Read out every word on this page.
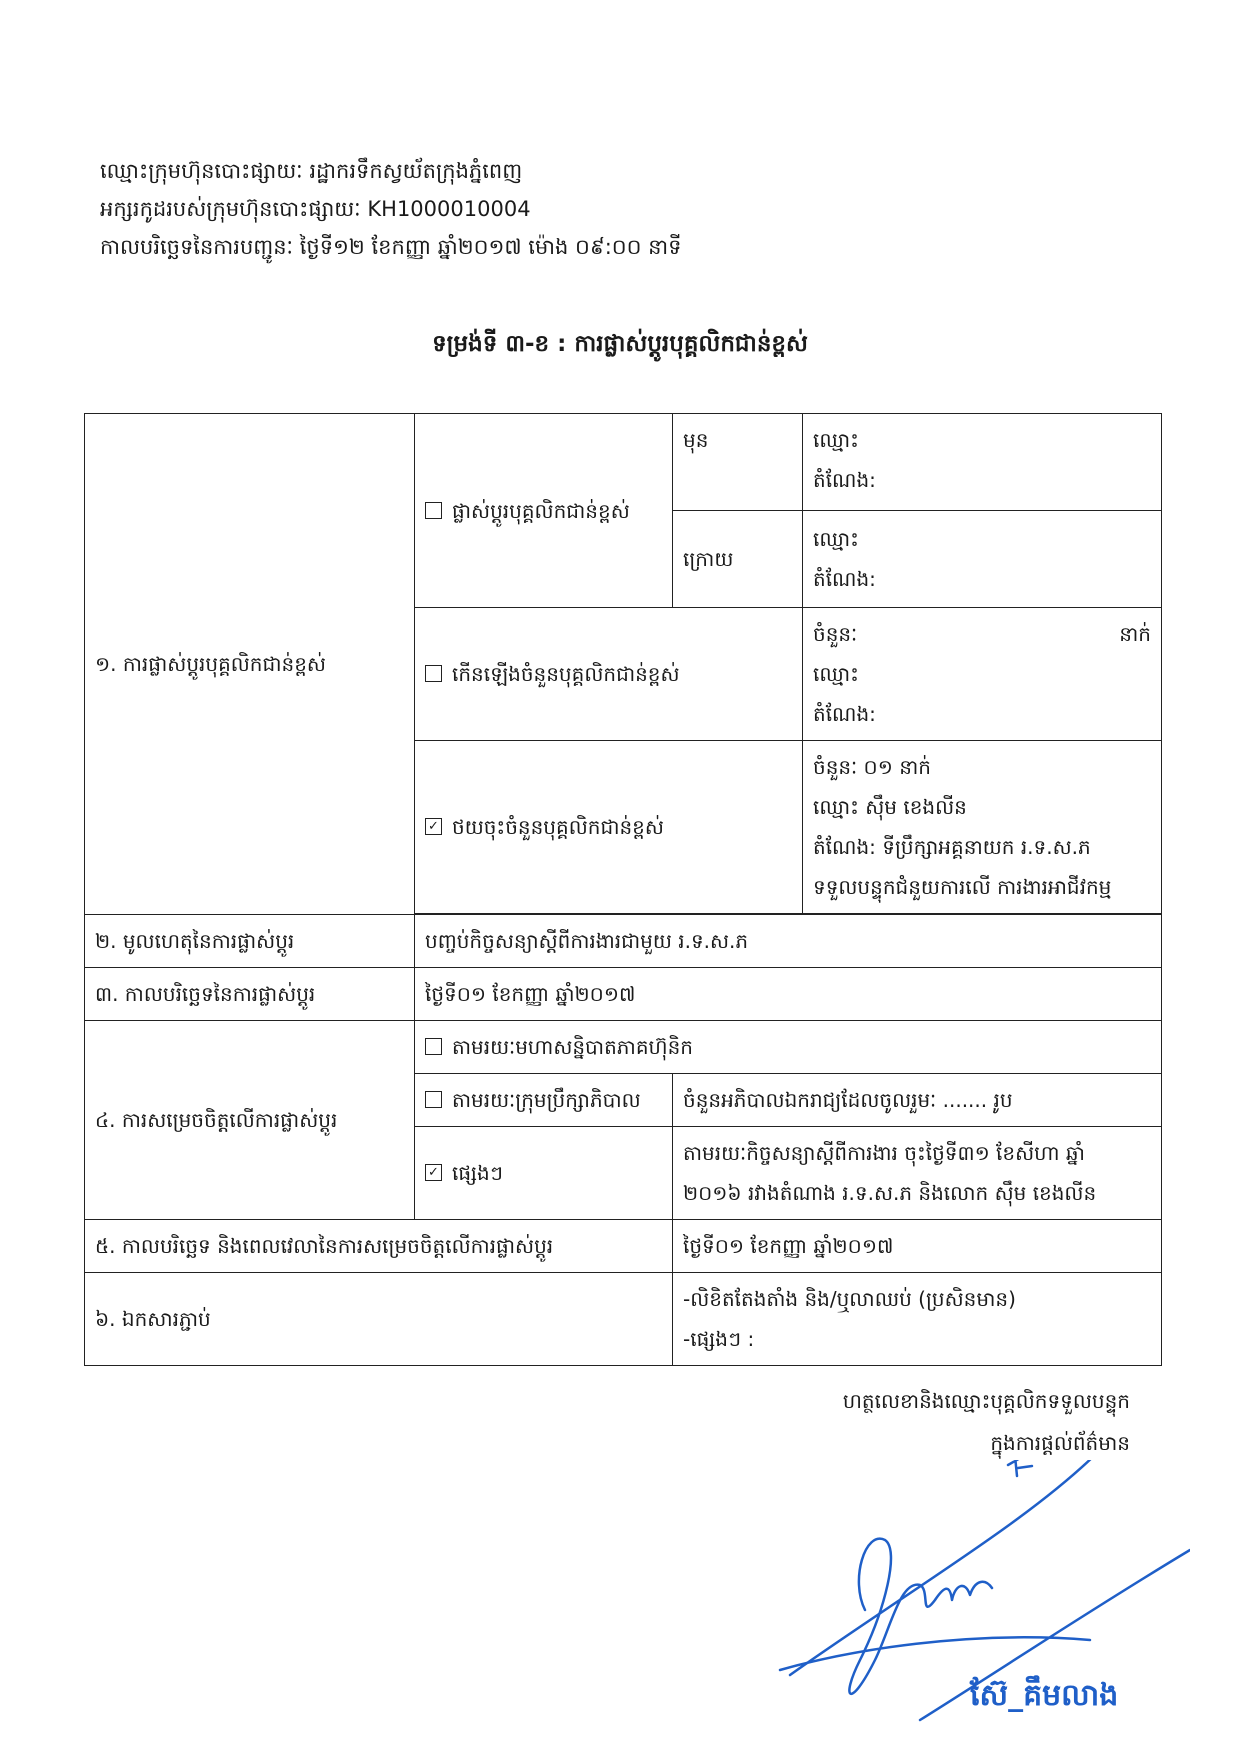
ឈ្មោះក្រុមហ៊ុនបោះផ្សាយៈ រដ្ឋាករទឹកស្វយ័តក្រុងភ្នំពេញ
អក្សរកូដរបស់ក្រុមហ៊ុនបោះផ្សាយៈ KH1000010004
កាលបរិច្ឆេទនៃការបញ្ជូនៈ ថ្ងៃទី១២ ខែកញ្ញា ឆ្នាំ២០១៧ ម៉ោង ០៩:០០ នាទី
ទម្រង់ទី ៣-ខ : ការផ្លាស់ប្តូរបុគ្គលិកជាន់ខ្ពស់
១. ការផ្លាស់ប្តូរបុគ្គលិកជាន់ខ្ពស់	ផ្លាស់ប្តូរបុគ្គលិកជាន់ខ្ពស់	មុន	ឈ្មោះ
តំណែង:

		ក្រោយ	ឈ្មោះ
តំណែង:

	កើនឡើងចំនួនបុគ្គលិកជាន់ខ្ពស់		ចំនួនៈ នាក់
ឈ្មោះ
តំណែង:

	✓ ថយចុះចំនួនបុគ្គលិកជាន់ខ្ពស់		ចំនួនៈ ០១ នាក់
ឈ្មោះ ស៊ឹម ខេងលីន
តំណែង: ទីប្រឹក្សាអគ្គនាយក រ.ទ.ស.ភ
ទទួលបន្ទុកជំនួយការលើ ការងារអាជីវកម្ម

២. មូលហេតុនៃការផ្លាស់ប្តូរ	បញ្ចប់កិច្ចសន្យាស្តីពីការងារជាមួយ រ.ទ.ស.ភ		
៣. កាលបរិច្ឆេទនៃការផ្លាស់ប្តូរ	ថ្ងៃទី០១ ខែកញ្ញា ឆ្នាំ២០១៧		
៤. ការសម្រេចចិត្តលើការផ្លាស់ប្តូរ	តាមរយៈមហាសន្និបាតភាគហ៊ុនិក		
	តាមរយៈក្រុមប្រឹក្សាភិបាល	ចំនួនអភិបាលឯករាជ្យដែលចូលរួមៈ ....... រូប	
	✓ ផ្សេងៗ	តាមរយៈកិច្ចសន្យាស្តីពីការងារ ចុះថ្ងៃទី៣១ ខែសីហា ឆ្នាំ
២០១៦ រវាងតំណាង រ.ទ.ស.ភ និងលោក ស៊ឹម ខេងលីន	

៥. កាលបរិច្ឆេទ និងពេលវេលានៃការសម្រេចចិត្តលើការផ្លាស់ប្តូរ		ថ្ងៃទី០១ ខែកញ្ញា ឆ្នាំ២០១៧	
៦. ឯកសារភ្ជាប់		-លិខិតតែងតាំង និង/ឬលាឈប់ (ប្រសិនមាន)
-ផ្សេងៗ :	
ហត្ថលេខានិងឈ្មោះបុគ្គលិកទទួលបន្ទុក
ក្នុងការផ្តល់ព័ត៌មាន
ស៊ែ_គឹមលាង
